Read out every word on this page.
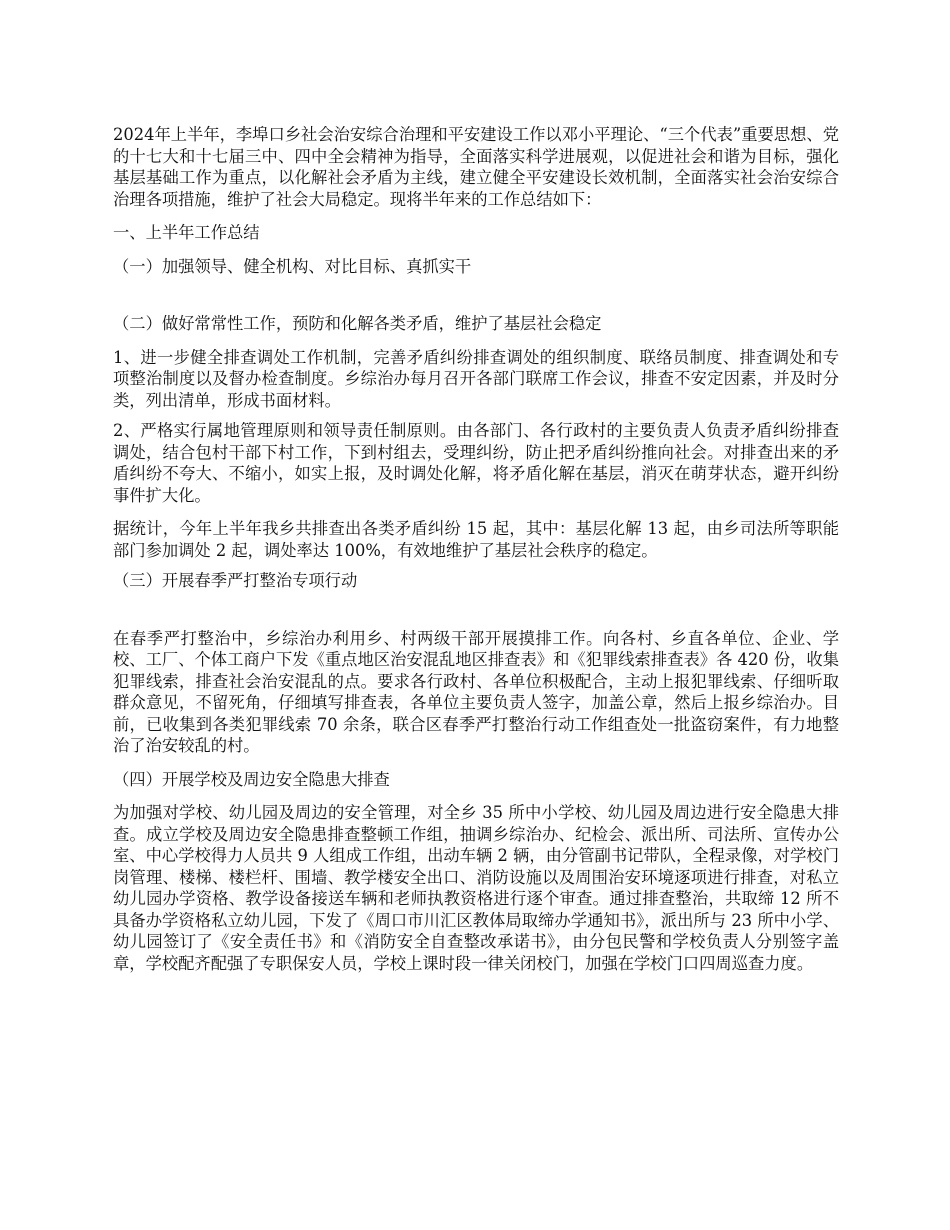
2024年上半年，李埠口乡社会治安综合治理和平安建设工作以邓小平理论、“三个代表”重要思想、党的十七大和十七届三中、四中全会精神为指导，全面落实科学进展观，以促进社会和谐为目标，强化基层基础工作为重点，以化解社会矛盾为主线，建立健全平安建设长效机制，全面落实社会治安综合治理各项措施，维护了社会大局稳定。现将半年来的工作总结如下：

一、上半年工作总结

（一）加强领导、健全机构、对比目标、真抓实干

（二）做好常常性工作，预防和化解各类矛盾，维护了基层社会稳定

1、进一步健全排查调处工作机制，完善矛盾纠纷排查调处的组织制度、联络员制度、排查调处和专项整治制度以及督办检查制度。乡综治办每月召开各部门联席工作会议，排查不安定因素，并及时分类，列出清单，形成书面材料。

2、严格实行属地管理原则和领导责任制原则。由各部门、各行政村的主要负责人负责矛盾纠纷排查调处，结合包村干部下村工作，下到村组去，受理纠纷，防止把矛盾纠纷推向社会。对排查出来的矛盾纠纷不夸大、不缩小，如实上报，及时调处化解，将矛盾化解在基层，消灭在萌芽状态，避开纠纷事件扩大化。

据统计，今年上半年我乡共排查出各类矛盾纠纷 15 起，其中：基层化解 13 起，由乡司法所等职能部门参加调处 2 起，调处率达 100%，有效地维护了基层社会秩序的稳定。

（三）开展春季严打整治专项行动

在春季严打整治中，乡综治办利用乡、村两级干部开展摸排工作。向各村、乡直各单位、企业、学校、工厂、个体工商户下发《重点地区治安混乱地区排查表》和《犯罪线索排查表》各 420 份，收集犯罪线索，排查社会治安混乱的点。要求各行政村、各单位积极配合，主动上报犯罪线索、仔细听取群众意见，不留死角，仔细填写排查表，各单位主要负责人签字，加盖公章，然后上报乡综治办。目前，已收集到各类犯罪线索 70 余条，联合区春季严打整治行动工作组查处一批盗窃案件，有力地整治了治安较乱的村。

（四）开展学校及周边安全隐患大排查

为加强对学校、幼儿园及周边的安全管理，对全乡 35 所中小学校、幼儿园及周边进行安全隐患大排查。成立学校及周边安全隐患排查整顿工作组，抽调乡综治办、纪检会、派出所、司法所、宣传办公室、中心学校得力人员共 9 人组成工作组，出动车辆 2 辆，由分管副书记带队，全程录像，对学校门岗管理、楼梯、楼栏杆、围墙、教学楼安全出口、消防设施以及周围治安环境逐项进行排查，对私立幼儿园办学资格、教学设备接送车辆和老师执教资格进行逐个审查。通过排查整治，共取缔 12 所不具备办学资格私立幼儿园，下发了《周口市川汇区教体局取缔办学通知书》，派出所与 23 所中小学、幼儿园签订了《安全责任书》和《消防安全自查整改承诺书》，由分包民警和学校负责人分别签字盖章，学校配齐配强了专职保安人员，学校上课时段一律关闭校门，加强在学校门口四周巡查力度。
